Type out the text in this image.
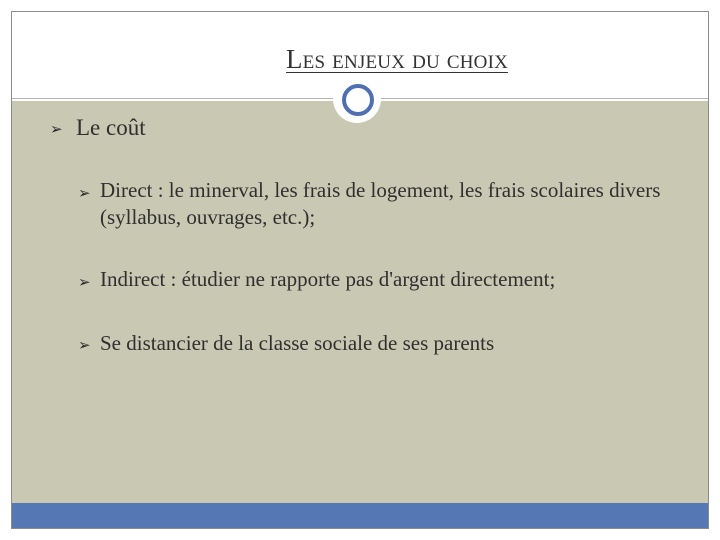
Les enjeux du choix
➢ Le coût
➢ Direct : le minerval, les frais de logement, les frais scolaires divers (syllabus, ouvrages, etc.);
➢ Indirect : étudier ne rapporte pas d'argent directement;
➢ Se distancier de la classe sociale de ses parents
